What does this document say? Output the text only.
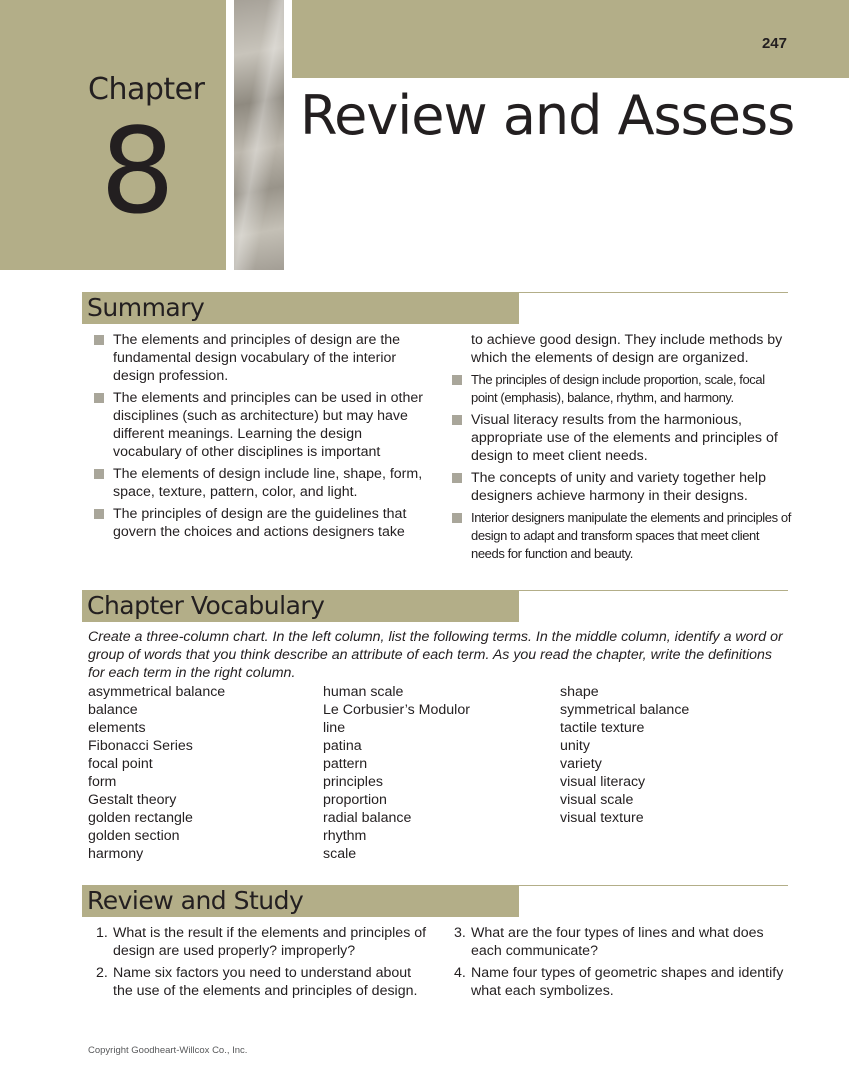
247
Chapter
8 Review and Assess
Summary
The elements and principles of design are the fundamental design vocabulary of the interior design profession.
The elements and principles can be used in other disciplines (such as architecture) but may have different meanings. Learning the design vocabulary of other disciplines is important
The elements of design include line, shape, form, space, texture, pattern, color, and light.
The principles of design are the guidelines that govern the choices and actions designers take
to achieve good design. They include methods by which the elements of design are organized.
The principles of design include proportion, scale, focal point (emphasis), balance, rhythm, and harmony.
Visual literacy results from the harmonious, appropriate use of the elements and principles of design to meet client needs.
The concepts of unity and variety together help designers achieve harmony in their designs.
Interior designers manipulate the elements and principles of design to adapt and transform spaces that meet client needs for function and beauty.
Chapter Vocabulary
Create a three-column chart. In the left column, list the following terms. In the middle column, identify a word or group of words that you think describe an attribute of each term. As you read the chapter, write the definitions for each term in the right column.
asymmetrical balance
balance
elements
Fibonacci Series
focal point
form
Gestalt theory
golden rectangle
golden section
harmony
human scale
Le Corbusier’s Modulor
line
patina
pattern
principles
proportion
radial balance
rhythm
scale
shape
symmetrical balance
tactile texture
unity
variety
visual literacy
visual scale
visual texture
Review and Study
1. What is the result if the elements and principles of design are used properly? improperly?
2. Name six factors you need to understand about the use of the elements and principles of design.
3. What are the four types of lines and what does each communicate?
4. Name four types of geometric shapes and identify what each symbolizes.
Copyright Goodheart-Willcox Co., Inc.
